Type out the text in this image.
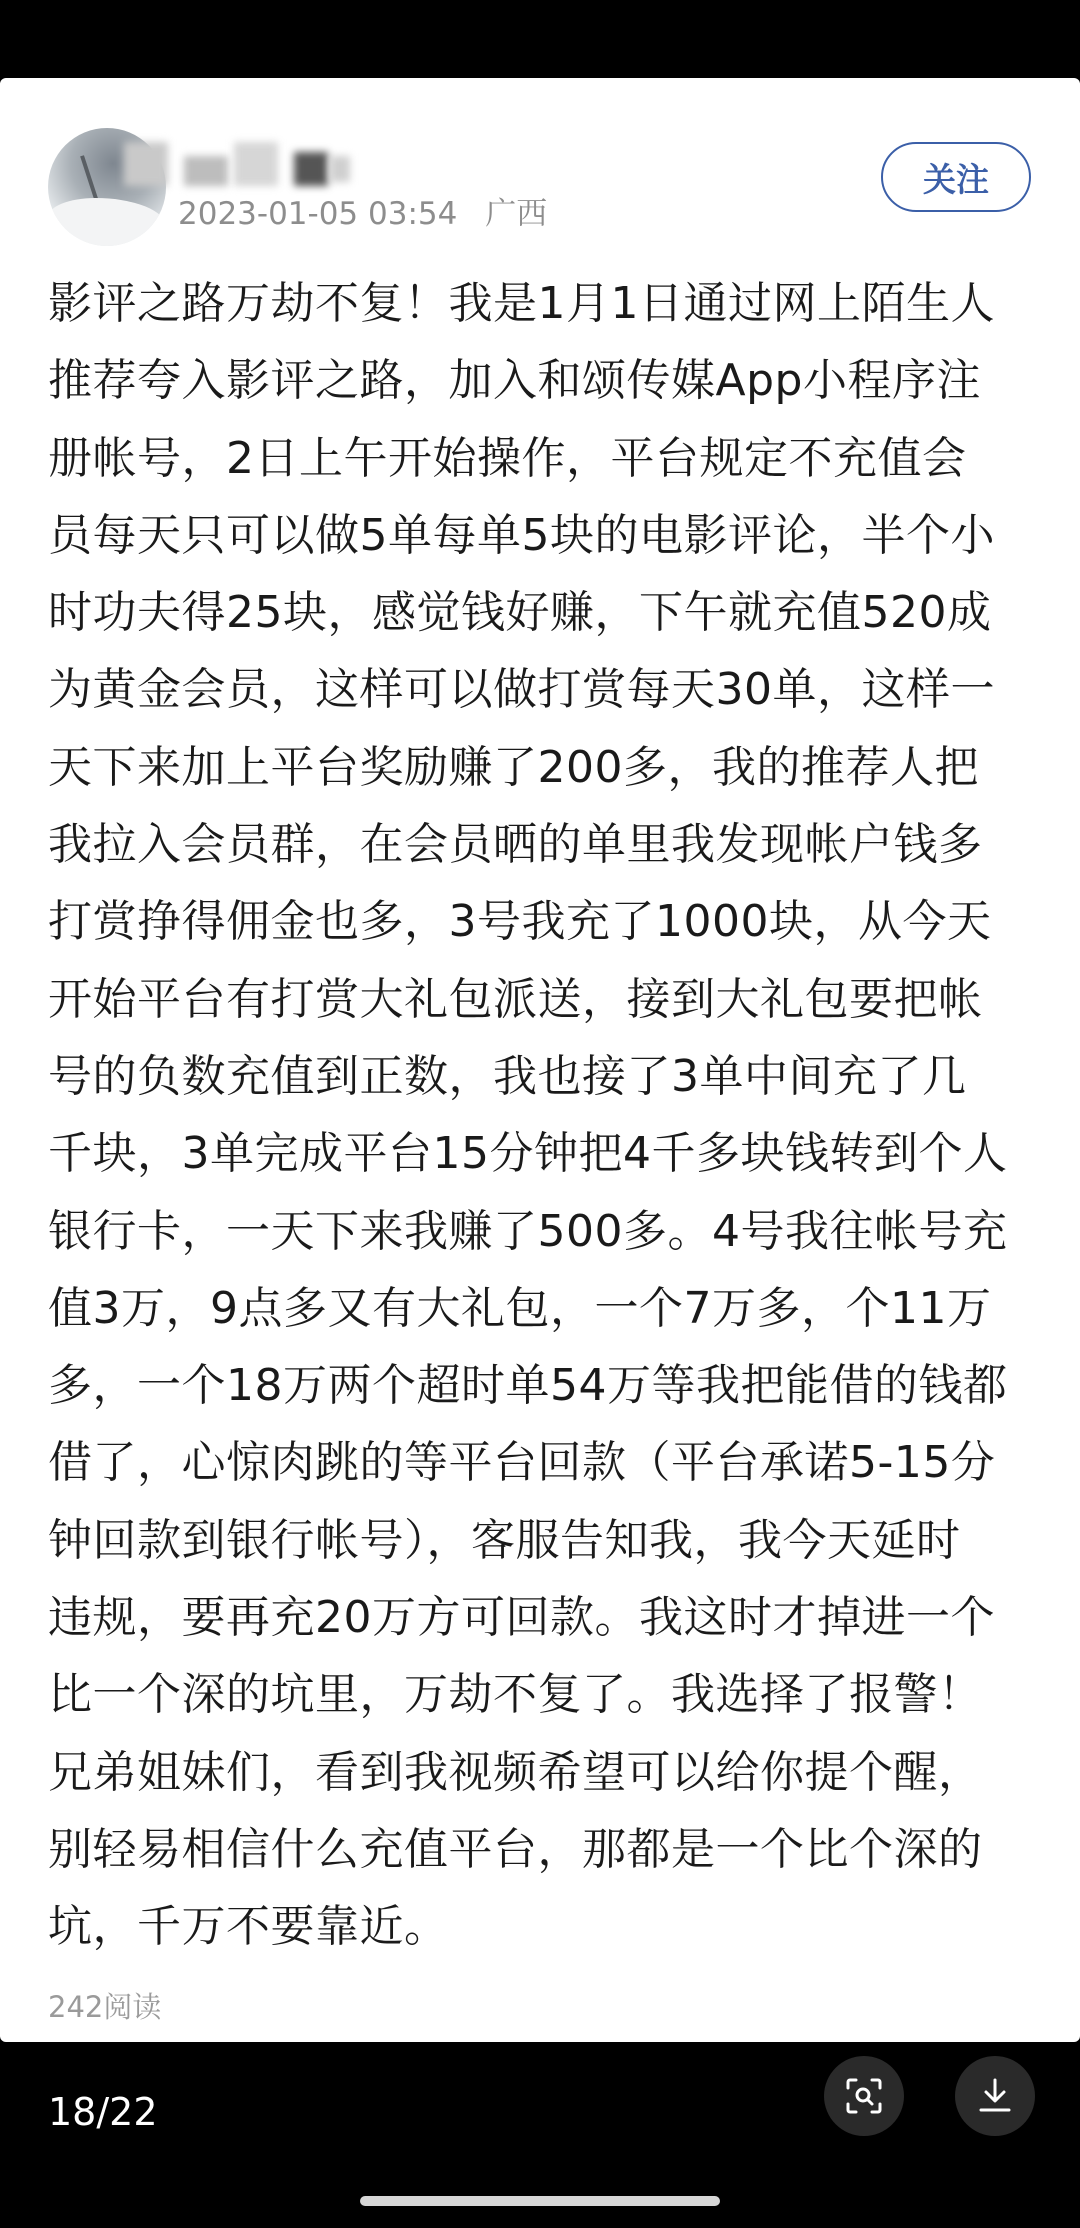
2023-01-05 03:54 广西
关注
影评之路万劫不复！我是1月1日通过网上陌生人
推荐夸入影评之路，加入和颂传媒App小程序注
册帐号，2日上午开始操作，平台规定不充值会
员每天只可以做5单每单5块的电影评论，半个小
时功夫得25块，感觉钱好赚，下午就充值520成
为黄金会员，这样可以做打赏每天30单，这样一
天下来加上平台奖励赚了200多，我的推荐人把
我拉入会员群，在会员晒的单里我发现帐户钱多
打赏挣得佣金也多，3号我充了1000块，从今天
开始平台有打赏大礼包派送，接到大礼包要把帐
号的负数充值到正数，我也接了3单中间充了几
千块，3单完成平台15分钟把4千多块钱转到个人
银行卡，一天下来我赚了500多。4号我往帐号充
值3万，9点多又有大礼包，一个7万多，个11万
多，一个18万两个超时单54万等我把能借的钱都
借了，心惊肉跳的等平台回款（平台承诺5-15分
钟回款到银行帐号），客服告知我，我今天延时
违规，要再充20万方可回款。我这时才掉进一个
比一个深的坑里，万劫不复了。我选择了报警！
兄弟姐妹们，看到我视频希望可以给你提个醒，
别轻易相信什么充值平台，那都是一个比个深的
坑，千万不要靠近。
242阅读
18/22
